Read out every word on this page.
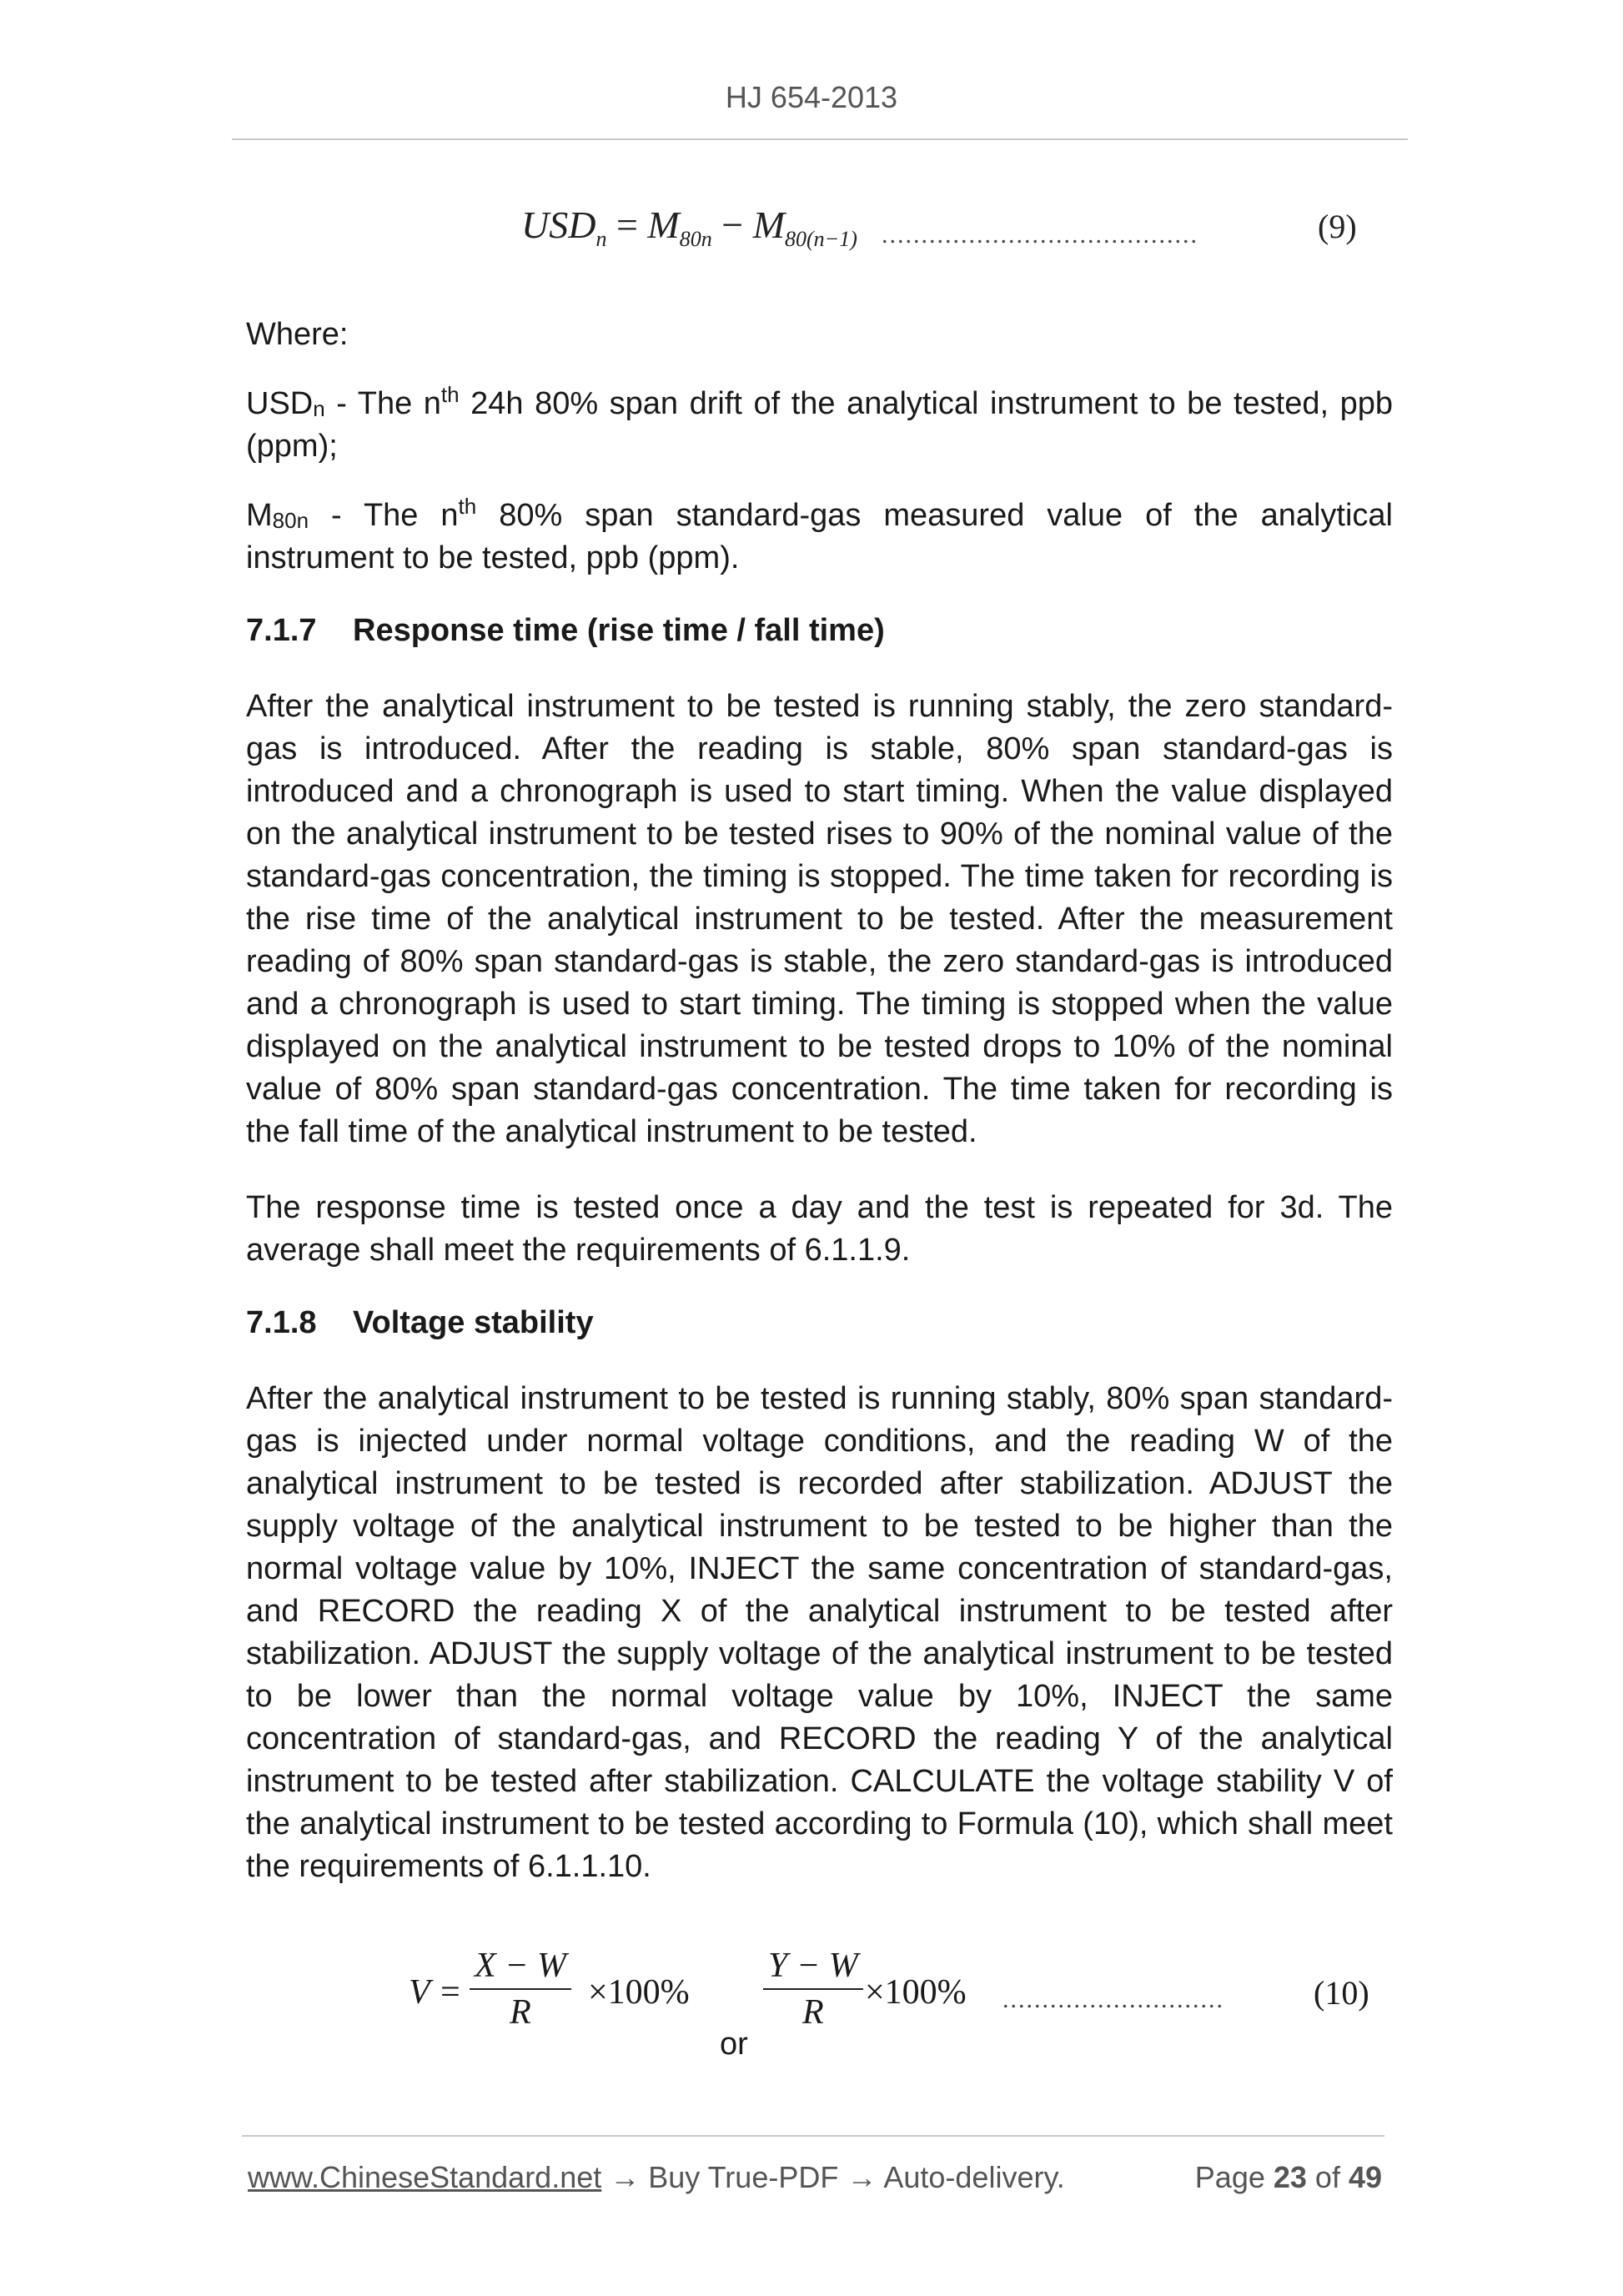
HJ 654-2013
$USD_n = M_{80n} - M_{80(n-1)}$ ........................................	(9)

Where:

$USD_n$ - The $n^{th}$ 24h 80% span drift of the analytical instrument to be tested, ppb (ppm);

$M_{80n}$ - The $n^{th}$ 80% span standard-gas measured value of the analytical instrument to be tested, ppb (ppm).

7.1.7 Response time (rise time / fall time)

After the analytical instrument to be tested is running stably, the zero standard-gas is introduced. After the reading is stable, 80% span standard-gas is introduced and a chronograph is used to start timing. When the value displayed on the analytical instrument to be tested rises to 90% of the nominal value of the standard-gas concentration, the timing is stopped. The time taken for recording is the rise time of the analytical instrument to be tested. After the measurement reading of 80% span standard-gas is stable, the zero standard-gas is introduced and a chronograph is used to start timing. The timing is stopped when the value displayed on the analytical instrument to be tested drops to 10% of the nominal value of 80% span standard-gas concentration. The time taken for recording is the fall time of the analytical instrument to be tested.

The response time is tested once a day and the test is repeated for 3d. The average shall meet the requirements of 6.1.1.9.

7.1.8 Voltage stability

After the analytical instrument to be tested is running stably, 80% span standard-gas is injected under normal voltage conditions, and the reading W of the analytical instrument to be tested is recorded after stabilization. ADJUST the supply voltage of the analytical instrument to be tested to be higher than the normal voltage value by 10%, INJECT the same concentration of standard-gas, and RECORD the reading X of the analytical instrument to be tested after stabilization. ADJUST the supply voltage of the analytical instrument to be tested to be lower than the normal voltage value by 10%, INJECT the same concentration of standard-gas, and RECORD the reading Y of the analytical instrument to be tested after stabilization. CALCULATE the voltage stability V of the analytical instrument to be tested according to Formula (10), which shall meet the requirements of 6.1.1.10.

$V = \frac{X - W}{R} \times 100\%$
or
$\frac{Y - W}{R} \times 100\%$ ............................	(10)
www.ChineseStandard.net → Buy True-PDF → Auto-delivery.	Page 23 of 49
